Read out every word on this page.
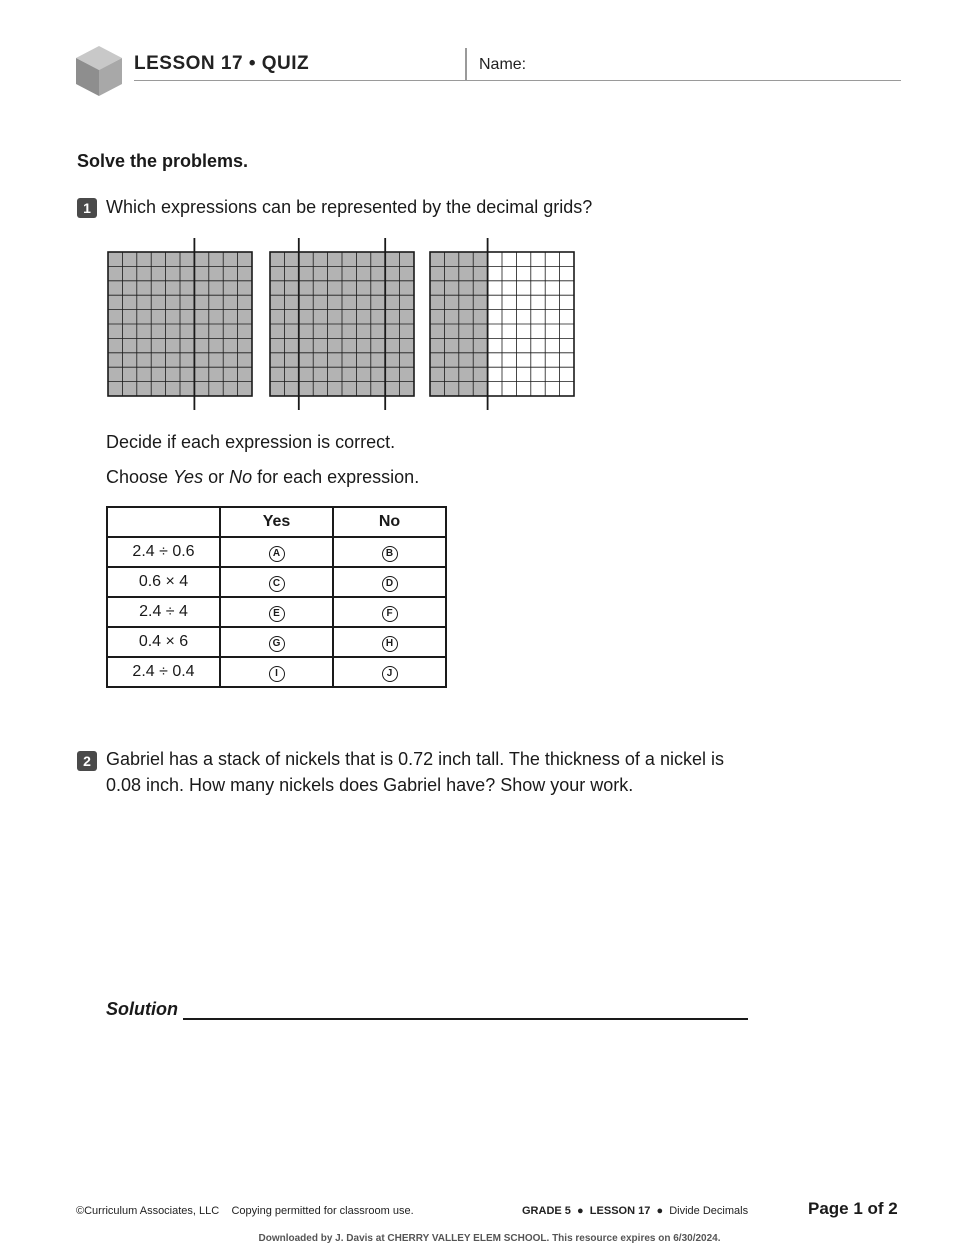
LESSON 17 • QUIZ	Name:
Solve the problems.
1 Which expressions can be represented by the decimal grids?
Decide if each expression is correct.
Choose Yes or No for each expression.
	Yes	No
2.4 ÷ 0.6	A	B
0.6 × 4	C	D
2.4 ÷ 4	E	F
0.4 × 6	G	H
2.4 ÷ 0.4	I	J
2 Gabriel has a stack of nickels that is 0.72 inch tall. The thickness of a nickel is
0.08 inch. How many nickels does Gabriel have? Show your work.
Solution
©Curriculum Associates, LLC Copying permitted for classroom use.	GRADE 5  ●  LESSON 17  ●  Divide Decimals	Page 1 of 2
Downloaded by J. Davis at CHERRY VALLEY ELEM SCHOOL. This resource expires on 6/30/2024.
